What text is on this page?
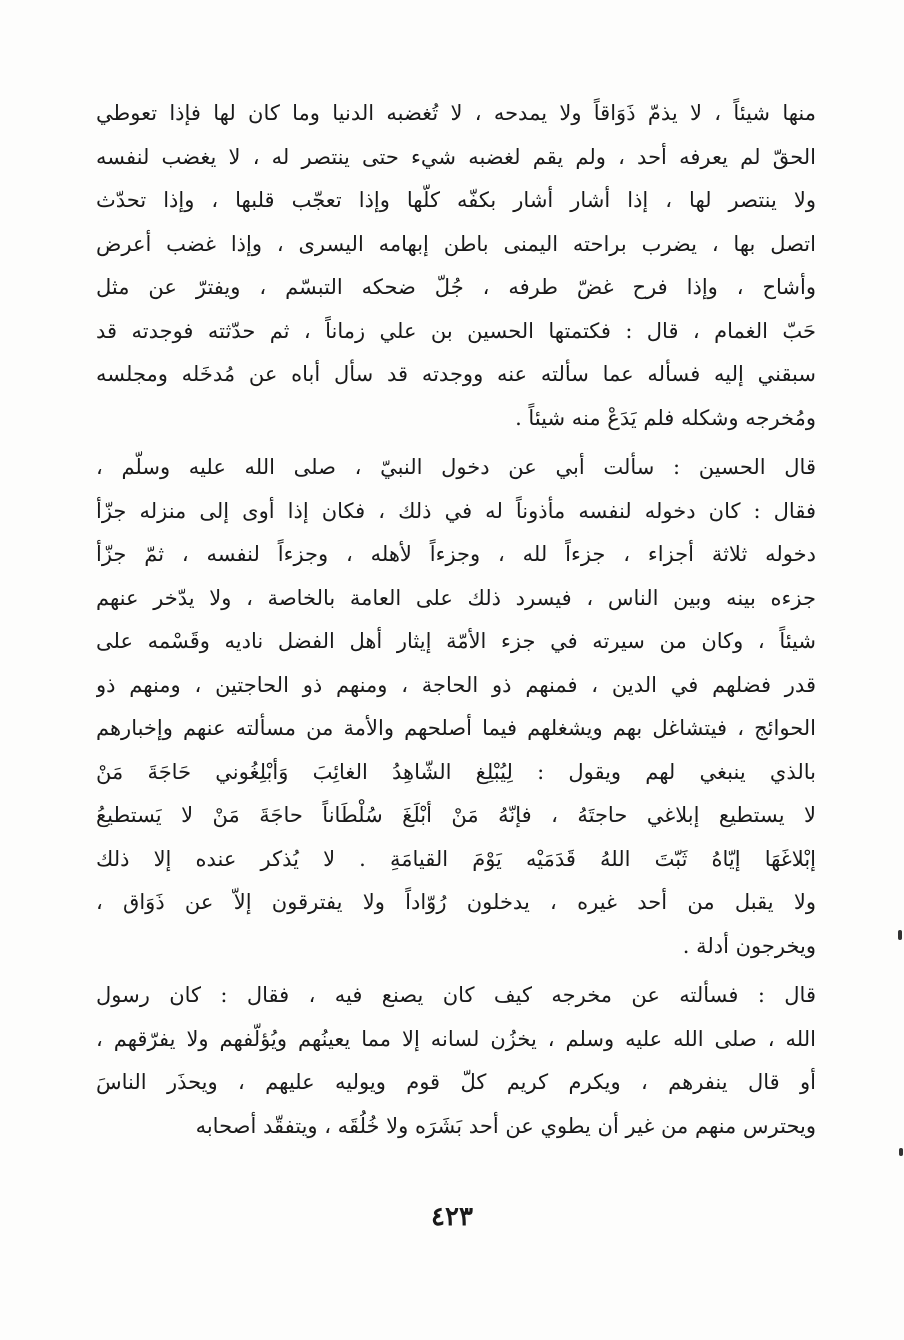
منها شيئاً ، لا يذمّ ذَوَاقاً ولا يمدحه ، لا تُغضبه الدنيا وما كان لها فإذا تعوطي
الحقّ لم يعرفه أحد ، ولم يقم لغضبه شيء حتى ينتصر له ، لا يغضب لنفسه
ولا ينتصر لها ، إذا أشار أشار بكفّه كلّها وإذا تعجّب قلبها ، وإذا تحدّث
اتصل بها ، يضرب براحته اليمنى باطن إبهامه اليسرى ، وإذا غضب أعرض
وأشاح ، وإذا فرح غضّ طرفه ، جُلّ ضحكه التبسّم ، ويفترّ عن مثل
حَبّ الغمام ، قال : فكتمتها الحسين بن علي زماناً ، ثم حدّثته فوجدته قد
سبقني إليه فسأله عما سألته عنه ووجدته قد سأل أباه عن مُدخَله ومجلسه
ومُخرجه وشكله فلم يَدَعْ منه شيئاً .
قال الحسين : سألت أبي عن دخول النبيّ ، صلى الله عليه وسلّم ،
فقال : كان دخوله لنفسه مأذوناً له في ذلك ، فكان إذا أوى إلى منزله جزّأ
دخوله ثلاثة أجزاء ، جزءاً لله ، وجزءاً لأهله ، وجزءاً لنفسه ، ثمّ جزّأ
جزءه بينه وبين الناس ، فيسرد ذلك على العامة بالخاصة ، ولا يدّخر عنهم
شيئاً ، وكان من سيرته في جزء الأمّة إيثار أهل الفضل ناديه وقَسْمه على
قدر فضلهم في الدين ، فمنهم ذو الحاجة ، ومنهم ذو الحاجتين ، ومنهم ذو
الحوائج ، فيتشاغل بهم ويشغلهم فيما أصلحهم والأمة من مسألته عنهم وإخبارهم
بالذي ينبغي لهم ويقول : لِيُبْلِغ الشّاهِدُ الغائِبَ وَأبْلِغُوني حَاجَةَ مَنْ
لا يستطيع إبلاغي حاجتَهُ ، فإنّهُ مَنْ أبْلَغَ سُلْطَاناً حاجَةَ مَنْ لا يَستطيعُ
إبْلاغَهَا إيّاهُ ثَبّتَ اللهُ قَدَمَيْه يَوْمَ القيامَةِ . لا يُذكر عنده إلا ذلك
ولا يقبل من أحد غيره ، يدخلون رُوّاداً ولا يفترقون إلاّ عن ذَوَاق ،
ويخرجون أدلة .
قال : فسألته عن مخرجه كيف كان يصنع فيه ، فقال : كان رسول
الله ، صلى الله عليه وسلم ، يخزُن لسانه إلا مما يعينُهم ويُؤلّفهم ولا يفرّقهم ،
أو قال ينفرهم ، ويكرم كريم كلّ قوم ويوليه عليهم ، ويحذَر الناسَ
ويحترس منهم من غير أن يطوي عن أحد بَشَرَه ولا خُلُقَه ، ويتفقّد أصحابه
٤٢٣
